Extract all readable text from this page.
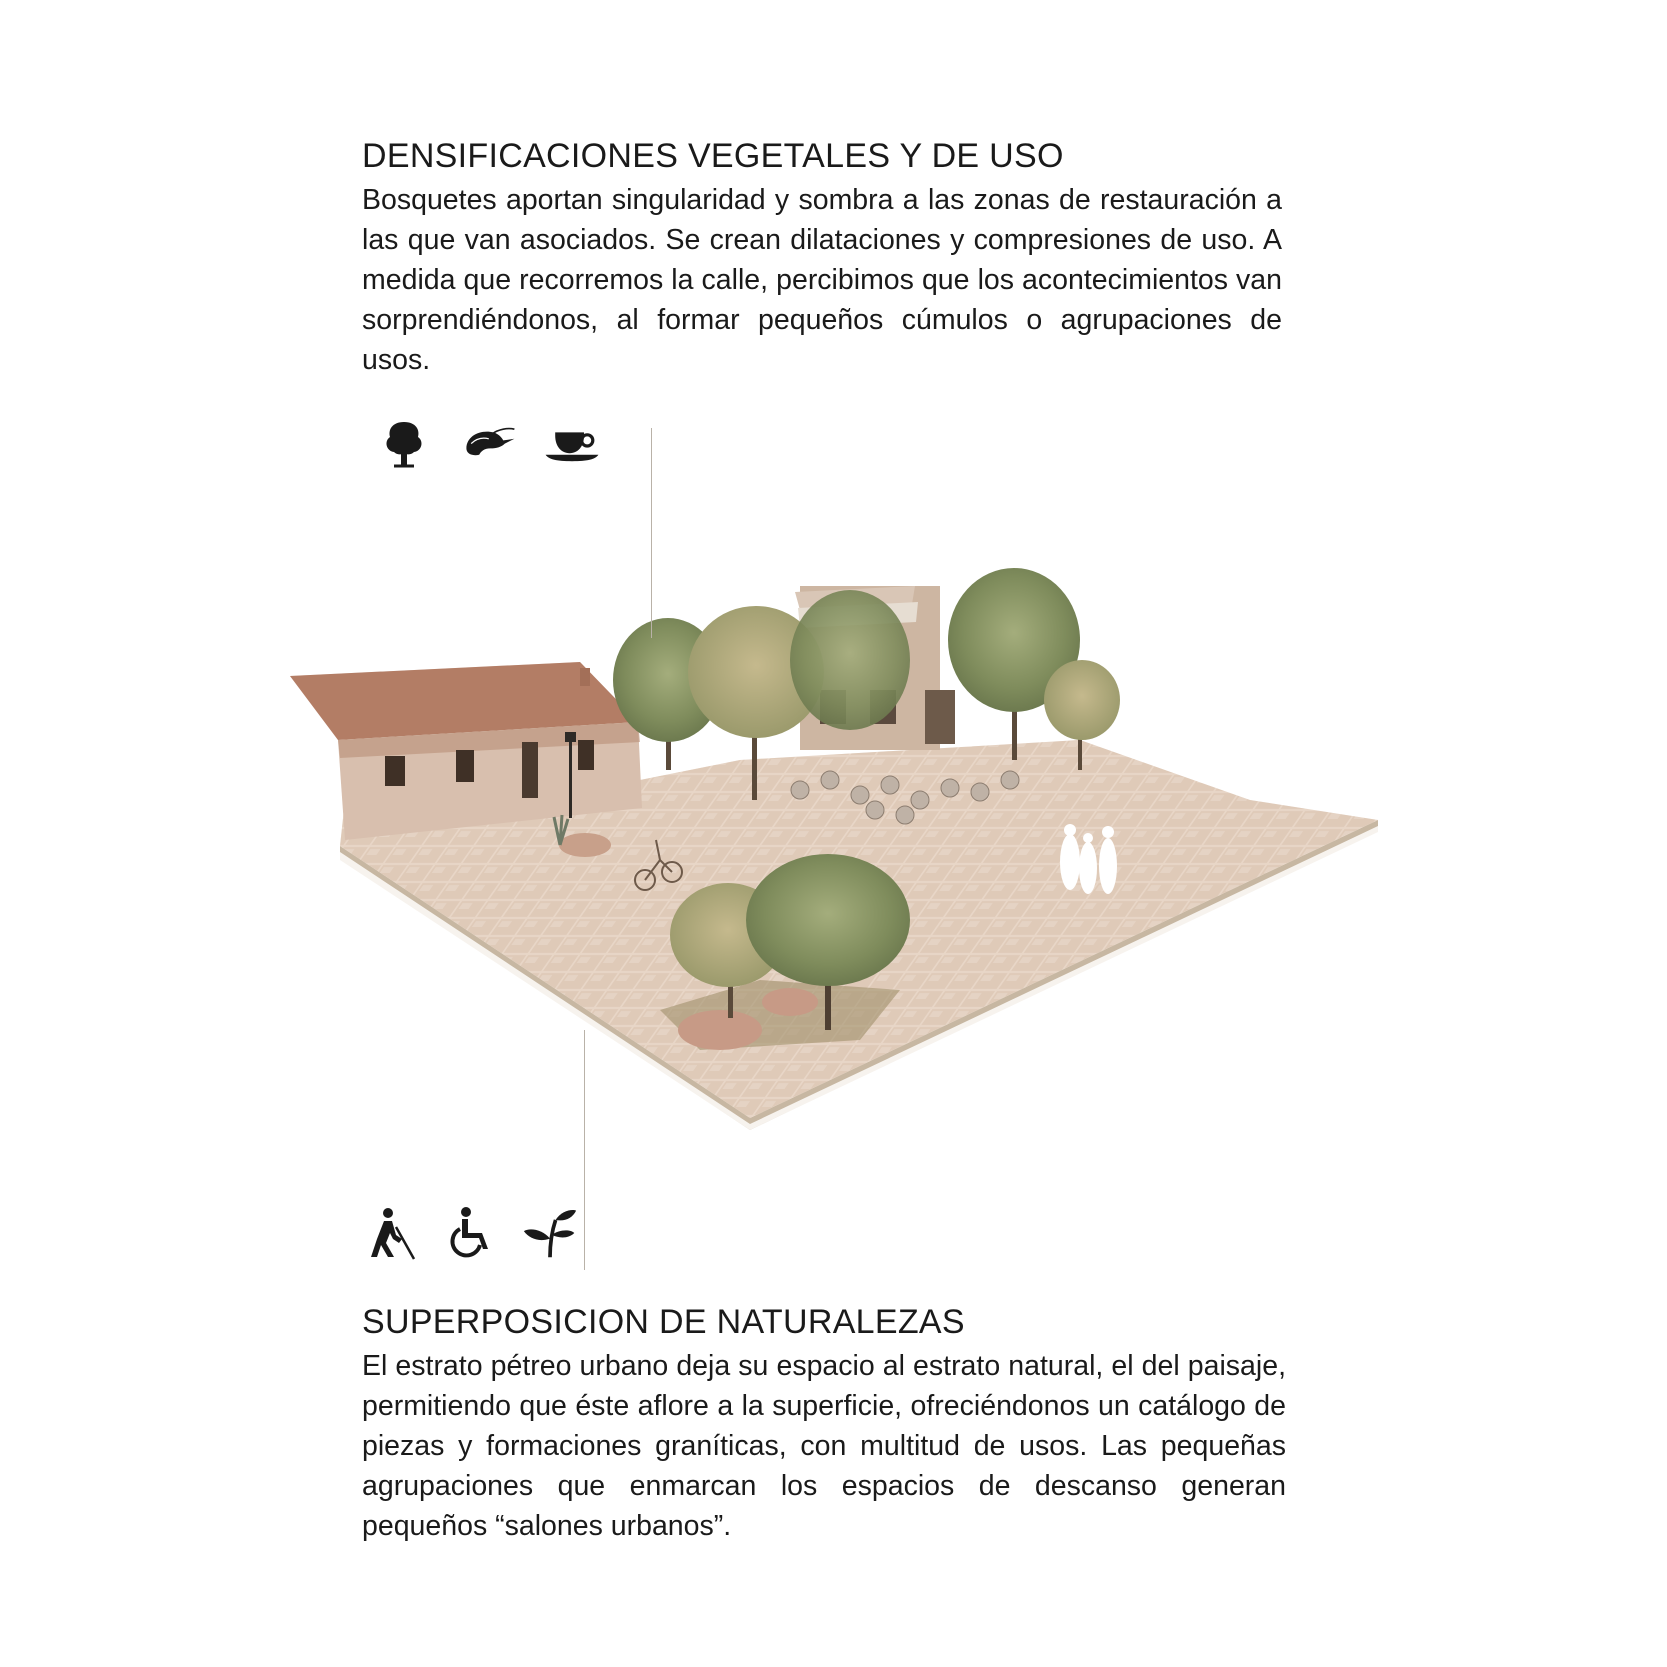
DENSIFICACIONES VEGETALES Y DE USO

Bosquetes aportan singularidad y sombra a las zonas de restauración a las que van asociados. Se crean dilataciones y compresiones de uso. A medida que recorremos la calle, percibimos que los acontecimientos van sorprendiéndonos, al formar pequeños cúmulos o agrupaciones de usos.

SUPERPOSICION DE NATURALEZAS

El estrato pétreo urbano deja su espacio al estrato natural, el del paisaje, permitiendo que éste aflore a la superficie, ofreciéndonos un catálogo de piezas y formaciones graníticas, con multitud de usos. Las pequeñas agrupaciones que enmarcan los espacios de descanso generan pequeños “salones urbanos”.
